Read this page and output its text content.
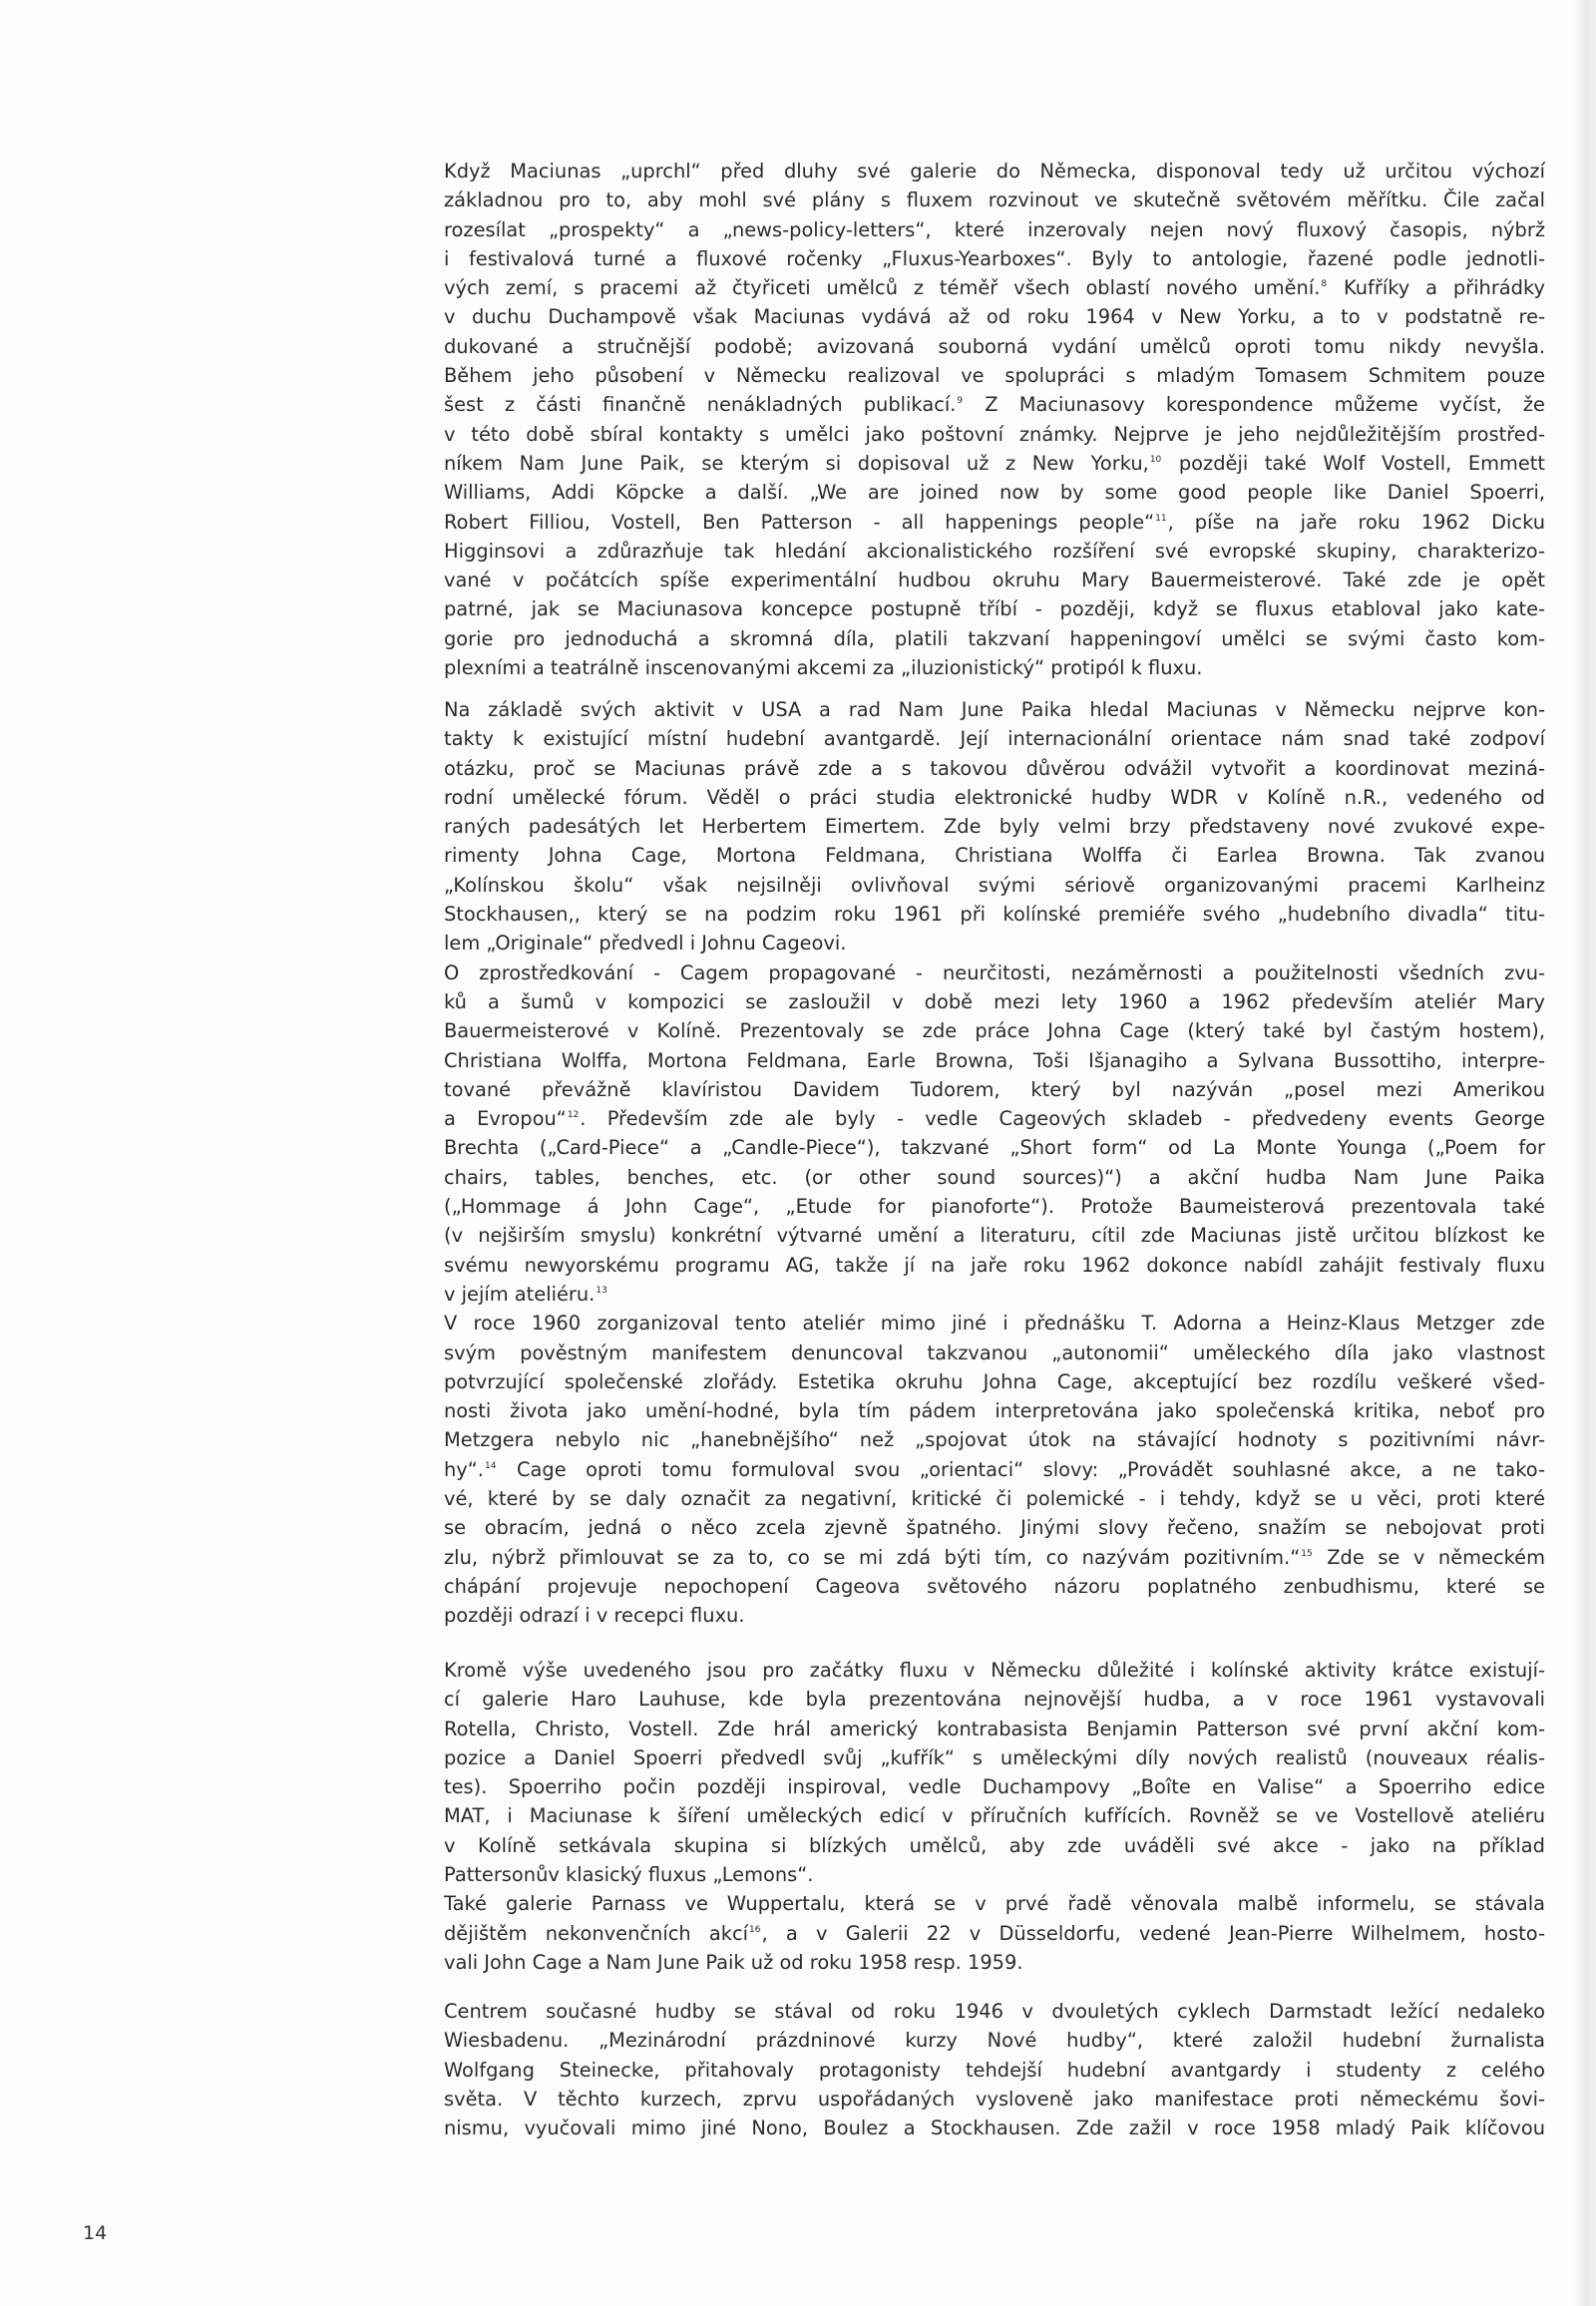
Když Maciunas „uprchl“ před dluhy své galerie do Německa, disponoval tedy už určitou výchozí
základnou pro to, aby mohl své plány s fluxem rozvinout ve skutečně světovém měřítku. Čile začal
rozesílat „prospekty“ a „news-policy-letters“, které inzerovaly nejen nový fluxový časopis, nýbrž
i festivalová turné a fluxové ročenky „Fluxus-Yearboxes“. Byly to antologie, řazené podle jednotli-
vých zemí, s pracemi až čtyřiceti umělců z téměř všech oblastí nového umění.$^8$ Kufříky a přihrádky
v duchu Duchampově však Maciunas vydává až od roku 1964 v New Yorku, a to v podstatně re-
dukované a stručnější podobě; avizovaná souborná vydání umělců oproti tomu nikdy nevyšla.
Během jeho působení v Německu realizoval ve spolupráci s mladým Tomasem Schmitem pouze
šest z části finančně nenákladných publikací.$^9$ Z Maciunasovy korespondence můžeme vyčíst, že
v této době sbíral kontakty s umělci jako poštovní známky. Nejprve je jeho nejdůležitějším prostřed-
níkem Nam June Paik, se kterým si dopisoval už z New Yorku,$^{10}$ později také Wolf Vostell, Emmett
Williams, Addi Köpcke a další. „We are joined now by some good people like Daniel Spoerri,
Robert Filliou, Vostell, Ben Patterson - all happenings people“$^{11}$, píše na jaře roku 1962 Dicku
Higginsovi a zdůrazňuje tak hledání akcionalistického rozšíření své evropské skupiny, charakterizo-
vané v počátcích spíše experimentální hudbou okruhu Mary Bauermeisterové. Také zde je opět
patrné, jak se Maciunasova koncepce postupně tříbí - později, když se fluxus etabloval jako kate-
gorie pro jednoduchá a skromná díla, platili takzvaní happeningoví umělci se svými často kom-
plexními a teatrálně inscenovanými akcemi za „iluzionistický“ protipól k fluxu.
Na základě svých aktivit v USA a rad Nam June Paika hledal Maciunas v Německu nejprve kon-
takty k existující místní hudební avantgardě. Její internacionální orientace nám snad také zodpoví
otázku, proč se Maciunas právě zde a s takovou důvěrou odvážil vytvořit a koordinovat meziná-
rodní umělecké fórum. Věděl o práci studia elektronické hudby WDR v Kolíně n.R., vedeného od
raných padesátých let Herbertem Eimertem. Zde byly velmi brzy představeny nové zvukové expe-
rimenty Johna Cage, Mortona Feldmana, Christiana Wolffa či Earlea Browna. Tak zvanou
„Kolínskou školu“ však nejsilněji ovlivňoval svými sériově organizovanými pracemi Karlheinz
Stockhausen,, který se na podzim roku 1961 při kolínské premiéře svého „hudebního divadla“ titu-
lem „Originale“ předvedl i Johnu Cageovi.
O zprostředkování - Cagem propagované - neurčitosti, nezáměrnosti a použitelnosti všedních zvu-
ků a šumů v kompozici se zasloužil v době mezi lety 1960 a 1962 především ateliér Mary
Bauermeisterové v Kolíně. Prezentovaly se zde práce Johna Cage (který také byl častým hostem),
Christiana Wolffa, Mortona Feldmana, Earle Browna, Toši Išjanagiho a Sylvana Bussottiho, interpre-
tované převážně klavíristou Davidem Tudorem, který byl nazýván „posel mezi Amerikou
a Evropou“$^{12}$. Především zde ale byly - vedle Cageových skladeb - předvedeny events George
Brechta („Card-Piece“ a „Candle-Piece“), takzvané „Short form“ od La Monte Younga („Poem for
chairs, tables, benches, etc. (or other sound sources)“) a akční hudba Nam June Paika
(„Hommage á John Cage“, „Etude for pianoforte“). Protože Baumeisterová prezentovala také
(v nejširším smyslu) konkrétní výtvarné umění a literaturu, cítil zde Maciunas jistě určitou blízkost ke
svému newyorskému programu AG, takže jí na jaře roku 1962 dokonce nabídl zahájit festivaly fluxu
v jejím ateliéru.$^{13}$
V roce 1960 zorganizoval tento ateliér mimo jiné i přednášku T. Adorna a Heinz-Klaus Metzger zde
svým pověstným manifestem denuncoval takzvanou „autonomii“ uměleckého díla jako vlastnost
potvrzující společenské zlořády. Estetika okruhu Johna Cage, akceptující bez rozdílu veškeré všed-
nosti života jako umění-hodné, byla tím pádem interpretována jako společenská kritika, neboť pro
Metzgera nebylo nic „hanebnějšího“ než „spojovat útok na stávající hodnoty s pozitivními návr-
hy“.$^{14}$ Cage oproti tomu formuloval svou „orientaci“ slovy: „Provádět souhlasné akce, a ne tako-
vé, které by se daly označit za negativní, kritické či polemické - i tehdy, když se u věci, proti které
se obracím, jedná o něco zcela zjevně špatného. Jinými slovy řečeno, snažím se nebojovat proti
zlu, nýbrž přimlouvat se za to, co se mi zdá býti tím, co nazývám pozitivním.“$^{15}$ Zde se v německém
chápání projevuje nepochopení Cageova světového názoru poplatného zenbudhismu, které se
později odrazí i v recepci fluxu.
Kromě výše uvedeného jsou pro začátky fluxu v Německu důležité i kolínské aktivity krátce existují-
cí galerie Haro Lauhuse, kde byla prezentována nejnovější hudba, a v roce 1961 vystavovali
Rotella, Christo, Vostell. Zde hrál americký kontrabasista Benjamin Patterson své první akční kom-
pozice a Daniel Spoerri předvedl svůj „kufřík“ s uměleckými díly nových realistů (nouveaux réalis-
tes). Spoerriho počin později inspiroval, vedle Duchampovy „Boîte en Valise“ a Spoerriho edice
MAT, i Maciunase k šíření uměleckých edicí v příručních kufřících. Rovněž se ve Vostellově ateliéru
v Kolíně setkávala skupina si blízkých umělců, aby zde uváděli své akce - jako na příklad
Pattersonův klasický fluxus „Lemons“.
Také galerie Parnass ve Wuppertalu, která se v prvé řadě věnovala malbě informelu, se stávala
dějištěm nekonvenčních akcí$^{16}$, a v Galerii 22 v Düsseldorfu, vedené Jean-Pierre Wilhelmem, hosto-
vali John Cage a Nam June Paik už od roku 1958 resp. 1959.
Centrem současné hudby se stával od roku 1946 v dvouletých cyklech Darmstadt ležící nedaleko
Wiesbadenu. „Mezinárodní prázdninové kurzy Nové hudby“, které založil hudební žurnalista
Wolfgang Steinecke, přitahovaly protagonisty tehdejší hudební avantgardy i studenty z celého
světa. V těchto kurzech, zprvu uspořádaných vysloveně jako manifestace proti německému šovi-
nismu, vyučovali mimo jiné Nono, Boulez a Stockhausen. Zde zažil v roce 1958 mladý Paik klíčovou
14
